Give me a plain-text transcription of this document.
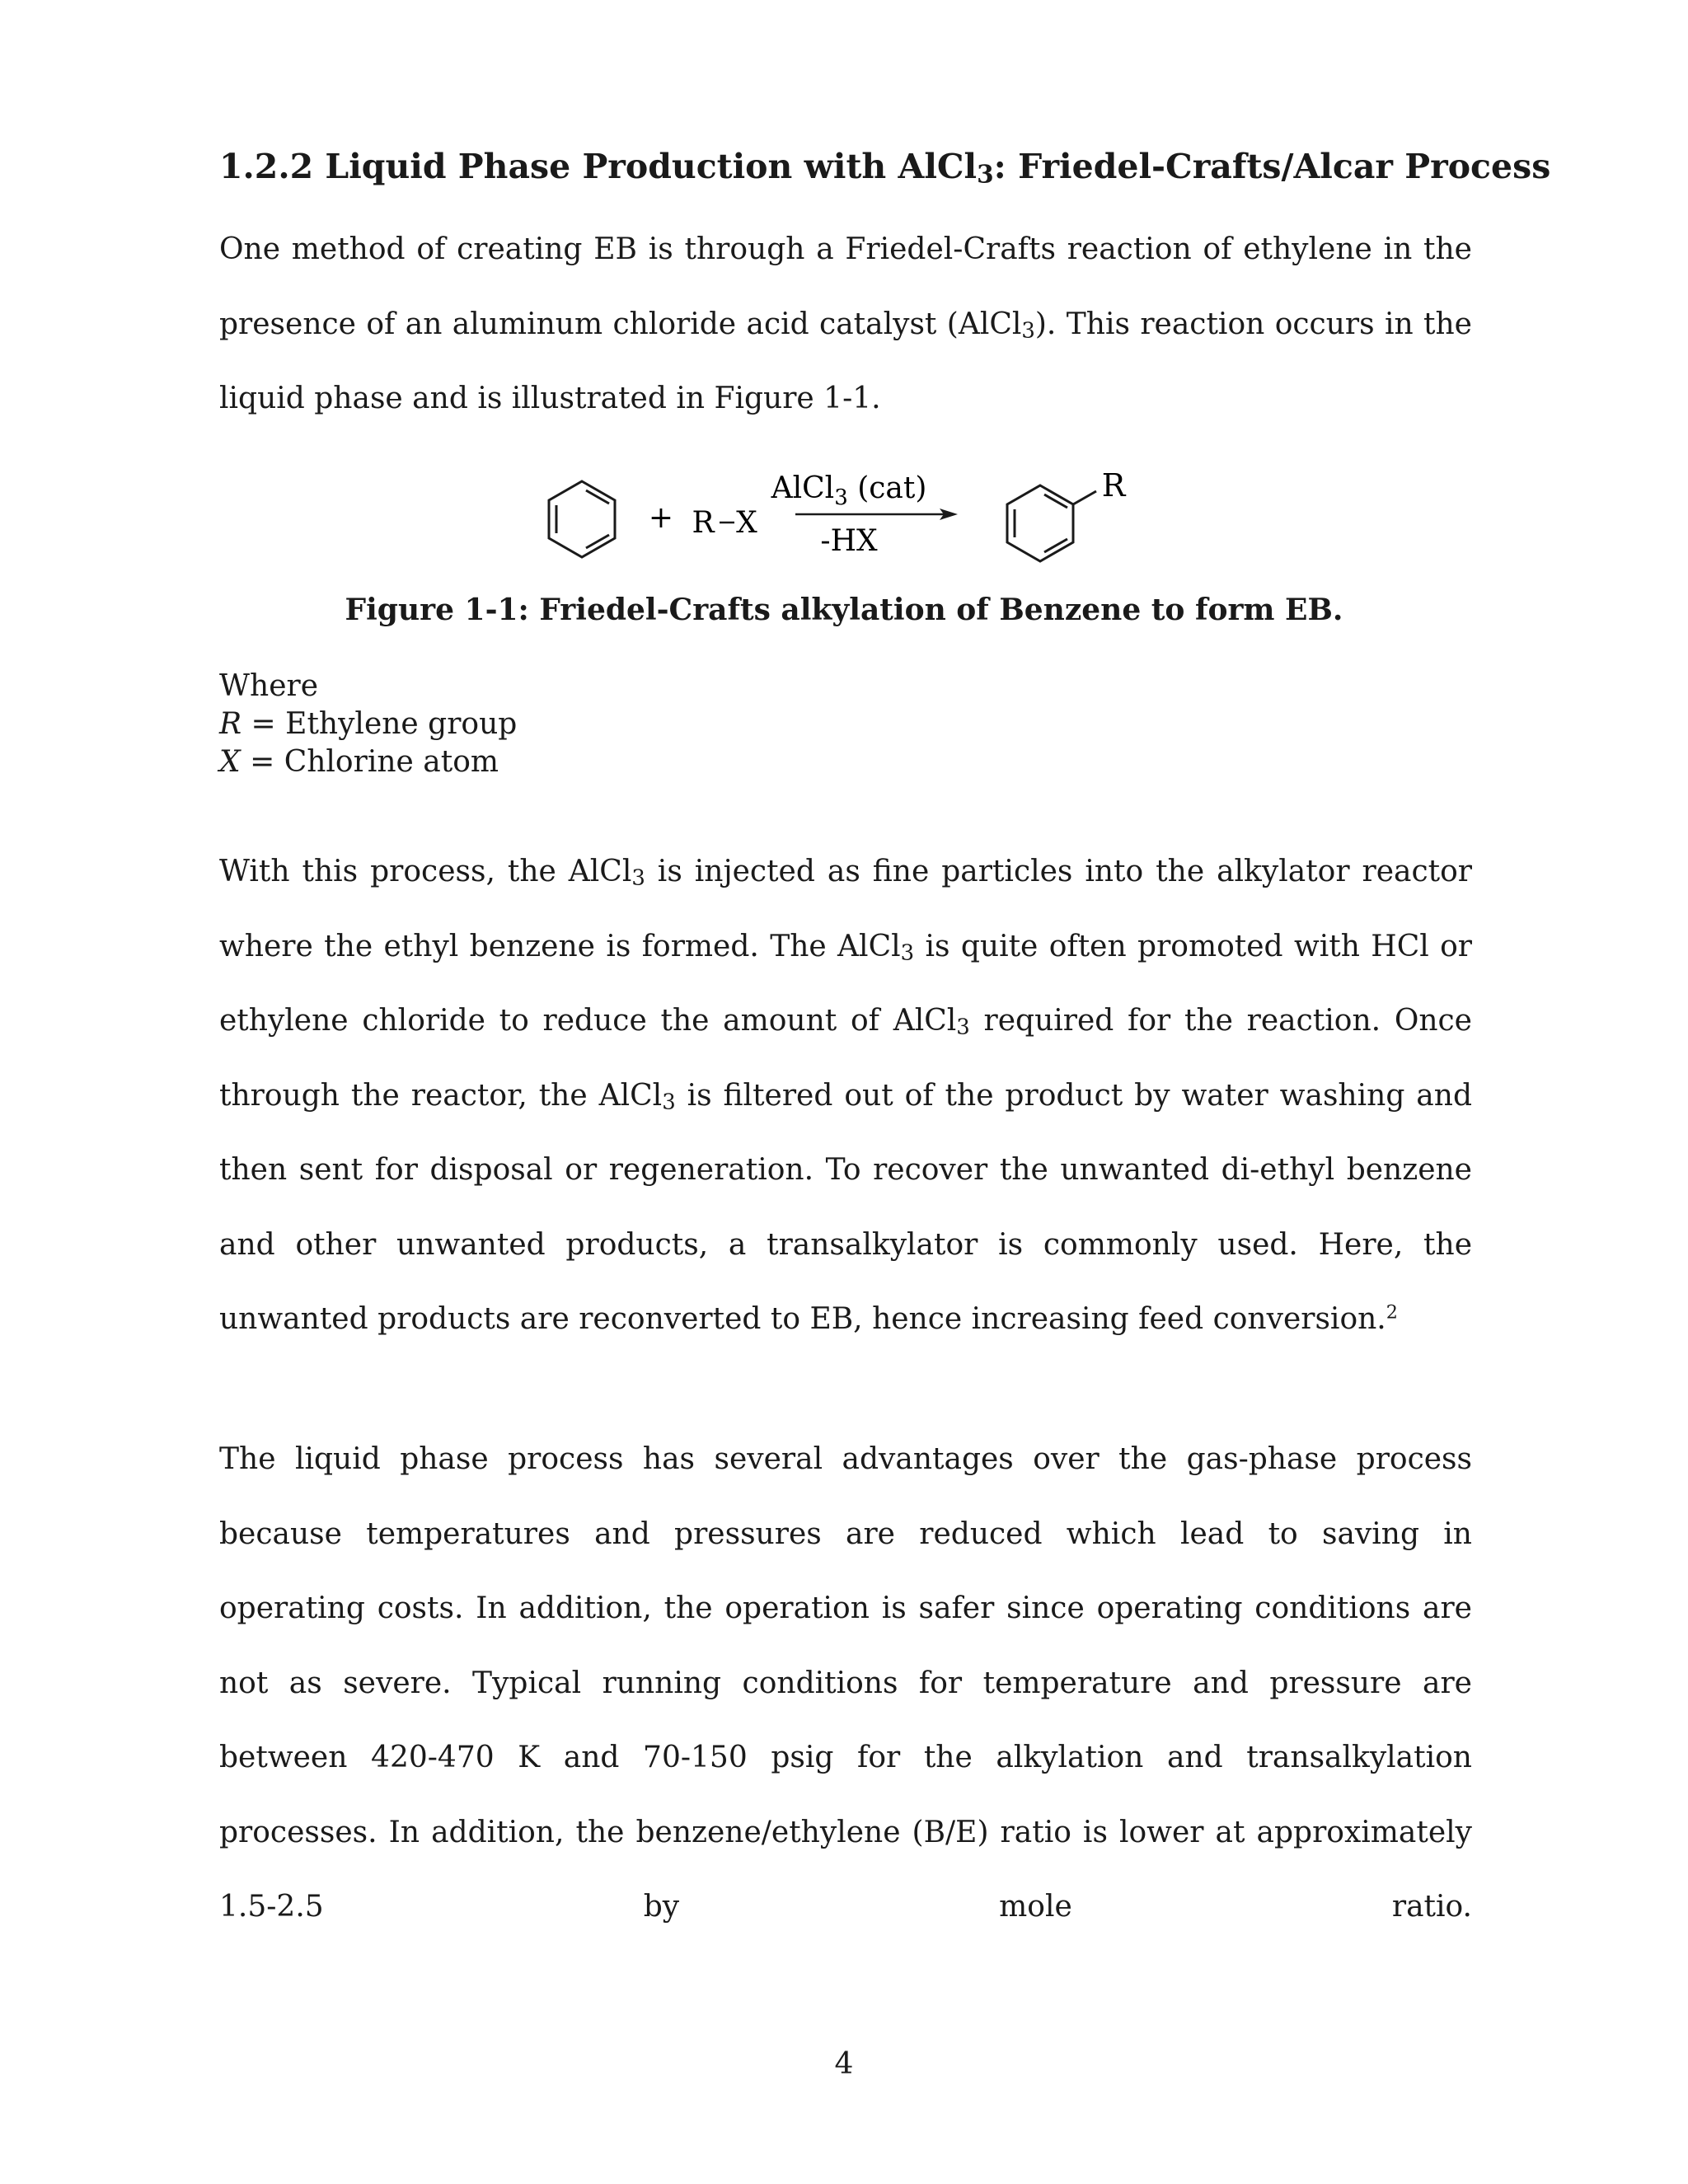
1.2.2 Liquid Phase Production with AlCl$_3$: Friedel-Crafts/Alcar Process

One method of creating EB is through a Friedel-Crafts reaction of ethylene in the presence of an aluminum chloride acid catalyst (AlCl$_3$). This reaction occurs in the liquid phase and is illustrated in Figure 1-1.

+ R X
AlCl$_3$ (cat)
-HX
R
Figure 1-1: Friedel-Crafts alkylation of Benzene to form EB.
Where
R = Ethylene group
X = Chlorine atom

With this process, the AlCl$_3$ is injected as fine particles into the alkylator reactor where the ethyl benzene is formed. The AlCl$_3$ is quite often promoted with HCl or ethylene chloride to reduce the amount of AlCl$_3$ required for the reaction. Once through the reactor, the AlCl$_3$ is filtered out of the product by water washing and then sent for disposal or regeneration. To recover the unwanted di-ethyl benzene and other unwanted products, a transalkylator is commonly used. Here, the unwanted products are reconverted to EB, hence increasing feed conversion.$^2$

The liquid phase process has several advantages over the gas-phase process because temperatures and pressures are reduced which lead to saving in operating costs. In addition, the operation is safer since operating conditions are not as severe. Typical running conditions for temperature and pressure are between 420-470 K and 70-150 psig for the alkylation and transalkylation processes. In addition, the benzene/ethylene (B/E) ratio is lower at approximately 1.5-2.5 by mole ratio.

4
